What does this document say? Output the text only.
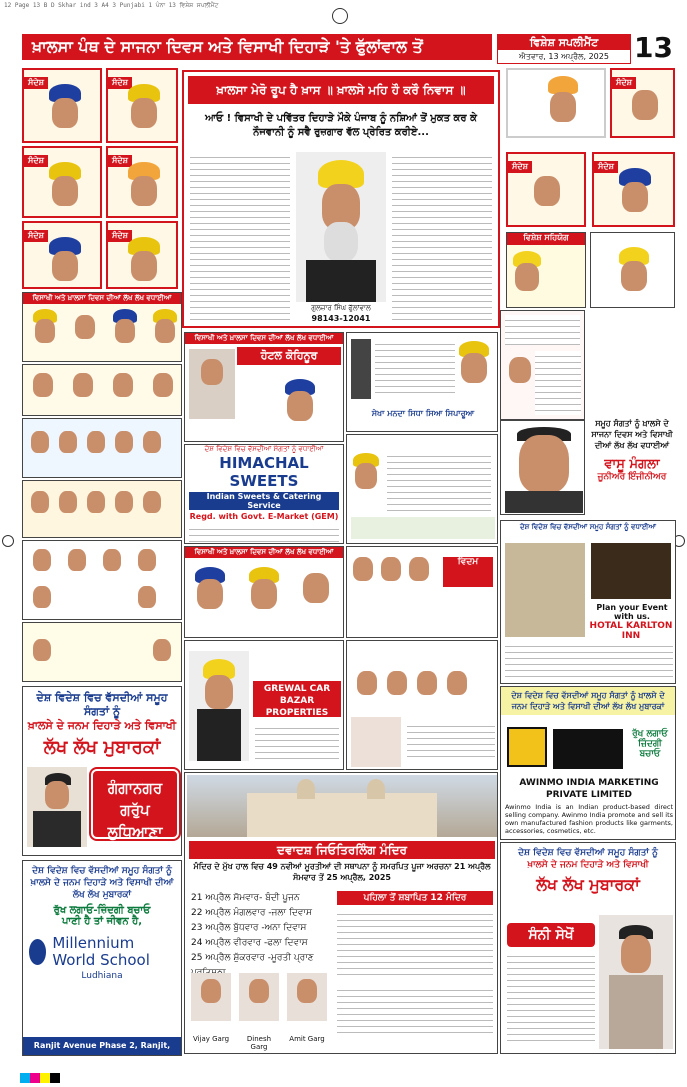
12 Page 13 B D Skhar ind 3 A4 3 Punjabi 1 ਪੰਨਾ 13 ਵਿਸ਼ੇਸ਼ ਸਪਲੀਮੈਂਟ
ਖ਼ਾਲਸਾ ਪੰਥ ਦੇ ਸਾਜਨਾ ਦਿਵਸ ਅਤੇ ਵਿਸਾਖੀ ਦਿਹਾੜੇ 'ਤੇ ਫੁੱਲਾਂਵਾਲ ਤੋਂ	ਵਿਸ਼ੇਸ਼ ਸਪਲੀਮੈਂਟ
ਐਤਵਾਰ, 13 ਅਪ੍ਰੈਲ, 2025 13
ਸੰਦੇਸ਼	ਸੰਦੇਸ਼
ਸੰਦੇਸ਼	ਸੰਦੇਸ਼
ਸੰਦੇਸ਼	ਸੰਦੇਸ਼
ਖ਼ਾਲਸਾ ਮੇਰੋ ਰੂਪ ਹੈ ਖ਼ਾਸ ॥ ਖ਼ਾਲਸੇ ਮਹਿ ਹੌ ਕਰੌ ਨਿਵਾਸ ॥
ਆਓ ! ਵਿਸਾਖੀ ਦੇ ਪਵਿੱਤਰ ਦਿਹਾੜੇ ਮੌਕੇ ਪੰਜਾਬ ਨੂੰ ਨਸ਼ਿਆਂ ਤੋਂ ਮੁਕਤ ਕਰ ਕੇ ਨੌਜਵਾਨੀ ਨੂੰ ਸਵੈ ਰੁਜ਼ਗਾਰ ਵੱਲ ਪ੍ਰੇਰਿਤ ਕਰੀਏ...
ਗੁਲਜ਼ਾਰ ਸਿੰਘ ਫੁੱਲਾਂਵਾਲ
98143-12041
ਸੰਦੇਸ਼
ਸੰਦੇਸ਼	ਸੰਦੇਸ਼
ਵਿਸ਼ੇਸ਼ ਸਹਿਯੋਗ
ਵਿਸਾਖੀ ਅਤੇ ਖ਼ਾਲਸਾ ਦਿਵਸ ਦੀਆਂ ਲੱਖ ਲੱਖ ਵਧਾਈਆਂ
ਦੇਸ਼ ਵਿਦੇਸ਼ ਵਿਚ ਵੱਸਦੀਆਂ ਸਮੂਹ ਸੰਗਤਾਂ ਨੂੰ
ਖ਼ਾਲਸੇ ਦੇ ਜਨਮ ਦਿਹਾੜੇ ਅਤੇ ਵਿਸਾਖੀ
ਲੱਖ ਲੱਖ ਮੁਬਾਰਕਾਂ
ਗੰਗਾਨਗਰ ਗਰੁੱਪ ਲੁਧਿਆਣਾ
ਦੇਸ਼ ਵਿਦੇਸ਼ ਵਿਚ ਵੱਸਦੀਆਂ ਸਮੂਹ ਸੰਗਤਾਂ ਨੂੰ ਖ਼ਾਲਸੇ ਦੇ ਜਨਮ ਦਿਹਾੜੇ ਅਤੇ ਵਿਸਾਖੀ ਦੀਆਂ ਲੱਖ ਲੱਖ ਮੁਬਾਰਕਾਂ
ਰੁੱਖ ਲਗਾਓ-ਜ਼ਿੰਦਗੀ ਬਚਾਓ
ਪਾਣੀ ਹੈ ਤਾਂ ਜੀਵਨ ਹੈ,
Millennium World School
Ludhiana
Ranjit Avenue Phase 2, Ranjit,
ਵਿਸਾਖੀ ਅਤੇ ਖ਼ਾਲਸਾ ਦਿਵਸ ਦੀਆਂ ਲੱਖ ਲੱਖ ਵਧਾਈਆਂ
ਹੋਟਲ ਕੋਹਿਨੂਰ
ਦੇਸ਼ ਵਿਦੇਸ਼ ਵਿਚ ਵੱਸਦੀਆਂ ਸੰਗਤਾਂ ਨੂੰ ਵਧਾਈਆਂ
HIMACHAL SWEETS
Indian Sweets & Catering Service
Regd. with Govt. E-Market (GEM)
ਵਿਸਾਖੀ ਅਤੇ ਖ਼ਾਲਸਾ ਦਿਵਸ ਦੀਆਂ ਲੱਖ ਲੱਖ ਵਧਾਈਆਂ
GREWAL CAR BAZAR PROPERTIES
ਸੇਖਾ ਮਨਦਾ ਸਿਧਾ ਸਿਆ ਸਿਪਾਰੂਆ
ਵਿਦਮ
ਦਵਾਦਸ਼ ਜਿਓਤਿਰਲਿੰਗ ਮੰਦਿਰ
ਮੰਦਿਰ ਦੇ ਮੁੱਖ ਹਾਲ ਵਿਚ 49 ਨਵੀਆਂ ਮੂਰਤੀਆਂ ਦੀ ਸਥਾਪਨਾ ਨੂੰ ਸਮਰਪਿਤ ਪੂਜਾ ਅਰਚਨਾ 21 ਅਪ੍ਰੈਲ ਸੋਮਵਾਰ ਤੋਂ 25 ਅਪ੍ਰੈਲ, 2025
21 ਅਪ੍ਰੈਲ ਸੋਮਵਾਰ- ਬੰਦੀ ਪੂਜਨ
22 ਅਪ੍ਰੈਲ ਮੰਗਲਵਾਰ -ਜਲਾ ਦਿਵਾਸ
23 ਅਪ੍ਰੈਲ ਬੁੱਧਵਾਰ -ਅਨਾ ਦਿਵਾਸ
24 ਅਪ੍ਰੈਲ ਵੀਰਵਾਰ -ਫਲਾ ਦਿਵਾਸ
25 ਅਪ੍ਰੈਲ ਸ਼ੁੱਕਰਵਾਰ -ਮੂਰਤੀ ਪ੍ਰਾਣ
ਪਹਿਲਾ ਤੋਂ ਸ਼ਬਾਪਿਤ 12 ਮੰਦਿਰ
Vijay Garg	Dinesh Garg
Amit Garg
ਸਮੂਹ ਸੰਗਤਾਂ ਨੂੰ ਖ਼ਾਲਸੇ ਦੇ ਸਾਜਨਾ ਦਿਵਸ ਅਤੇ ਵਿਸਾਖੀ ਦੀਆਂ ਲੱਖ ਲੱਖ ਵਧਾਈਆਂ
ਵਾਸੂ ਮੰਗਲਾ
ਜੂਨੀਅਰ ਇੰਜੀਨੀਅਰ
ਦੇਸ਼ ਵਿਦੇਸ਼ ਵਿਚ ਵੱਸਦੀਆਂ ਸਮੂਹ ਸੰਗਤਾਂ ਨੂੰ ਵਧਾਈਆਂ
Plan your Event with us.
HOTAL KARLTON INN
ਦੇਸ਼ ਵਿਦੇਸ਼ ਵਿਚ ਵੱਸਦੀਆਂ ਸਮੂਹ ਸੰਗਤਾਂ ਨੂੰ ਖ਼ਾਲਸੇ ਦੇ ਜਨਮ ਦਿਹਾੜੇ ਅਤੇ ਵਿਸਾਖੀ ਦੀਆਂ ਲੱਖ ਲੱਖ ਮੁਬਾਰਕਾਂ
ਰੁੱਖ ਲਗਾਓ ਜ਼ਿੰਦਗੀ ਬਚਾਓ
AWINMO INDIA MARKETING PRIVATE LIMITED
Awinmo India is an Indian product-based direct selling company. Awinmo India promote and sell its own manufactured fashion products like garments, accessories, cosmetics, etc.
ਦੇਸ਼ ਵਿਦੇਸ਼ ਵਿਚ ਵੱਸਦੀਆਂ ਸਮੂਹ ਸੰਗਤਾਂ ਨੂੰ
ਖ਼ਾਲਸੇ ਦੇ ਜਨਮ ਦਿਹਾੜੇ ਅਤੇ ਵਿਸਾਖੀ
ਲੱਖ ਲੱਖ ਮੁਬਾਰਕਾਂ
ਸੰਨੀ ਸੇਖੋਂ
